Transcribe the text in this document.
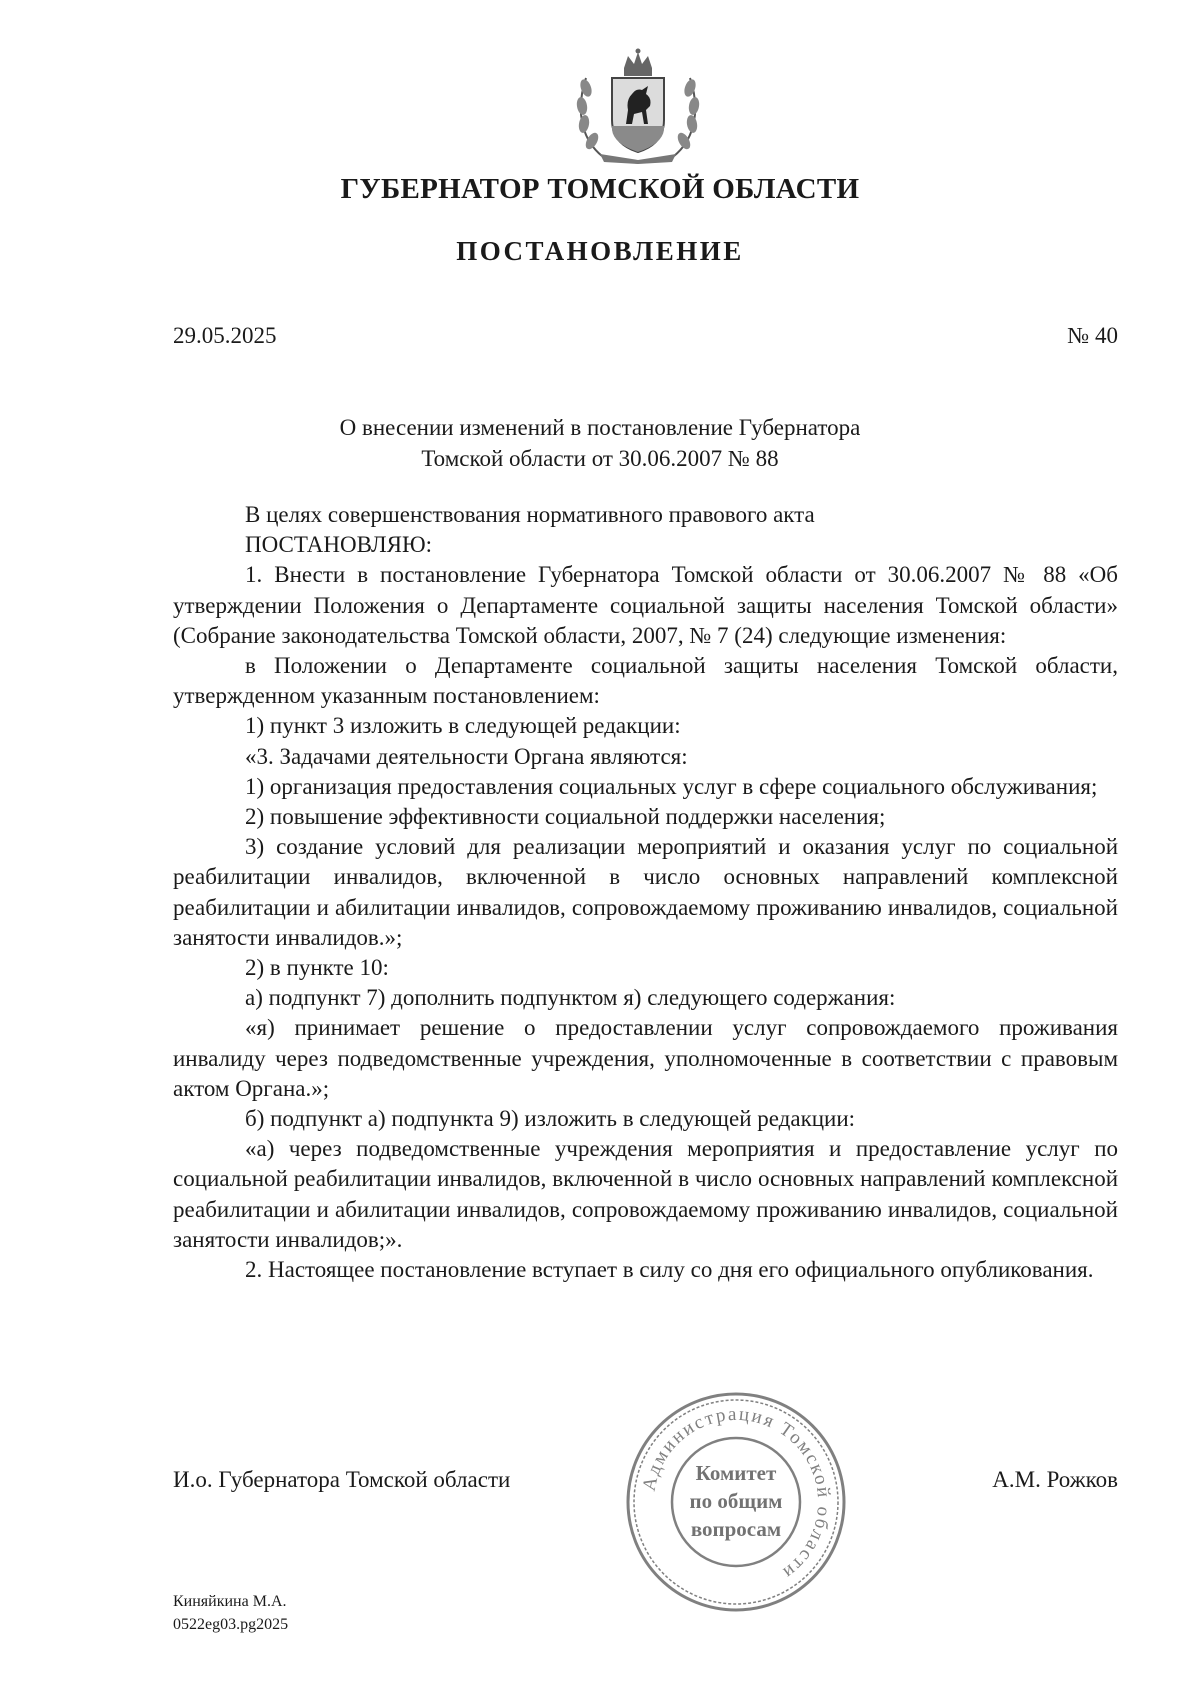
ГУБЕРНАТОР ТОМСКОЙ ОБЛАСТИ
ПОСТАНОВЛЕНИЕ
29.05.2025	№ 40
О внесении изменений в постановление Губернатора
Томской области от 30.06.2007 № 88

В целях совершенствования нормативного правового акта

ПОСТАНОВЛЯЮ:

1. Внести в постановление Губернатора Томской области от 30.06.2007 № 88 «Об утверждении Положения о Департаменте социальной защиты населения Томской области» (Собрание законодательства Томской области, 2007, № 7 (24) следующие изменения:

в Положении о Департаменте социальной защиты населения Томской области, утвержденном указанным постановлением:

1) пункт 3 изложить в следующей редакции:

«3. Задачами деятельности Органа являются:

1) организация предоставления социальных услуг в сфере социального обслуживания;

2) повышение эффективности социальной поддержки населения;

3) создание условий для реализации мероприятий и оказания услуг по социальной реабилитации инвалидов, включенной в число основных направлений комплексной реабилитации и абилитации инвалидов, сопровождаемому проживанию инвалидов, социальной занятости инвалидов.»;

2) в пункте 10:

а) подпункт 7) дополнить подпунктом я) следующего содержания:

«я) принимает решение о предоставлении услуг сопровождаемого проживания инвалиду через подведомственные учреждения, уполномоченные в соответствии с правовым актом Органа.»;

б) подпункт а) подпункта 9) изложить в следующей редакции:

«а) через подведомственные учреждения мероприятия и предоставление услуг по социальной реабилитации инвалидов, включенной в число основных направлений комплексной реабилитации и абилитации инвалидов, сопровождаемому проживанию инвалидов, социальной занятости инвалидов;».

2. Настоящее постановление вступает в силу со дня его официального опубликования.

И.о. Губернатора Томской области	А.М. Рожков
Администрация Томской области
Комитет
по общим
вопросам
Киняйкина М.А.
0522eg03.pg2025
